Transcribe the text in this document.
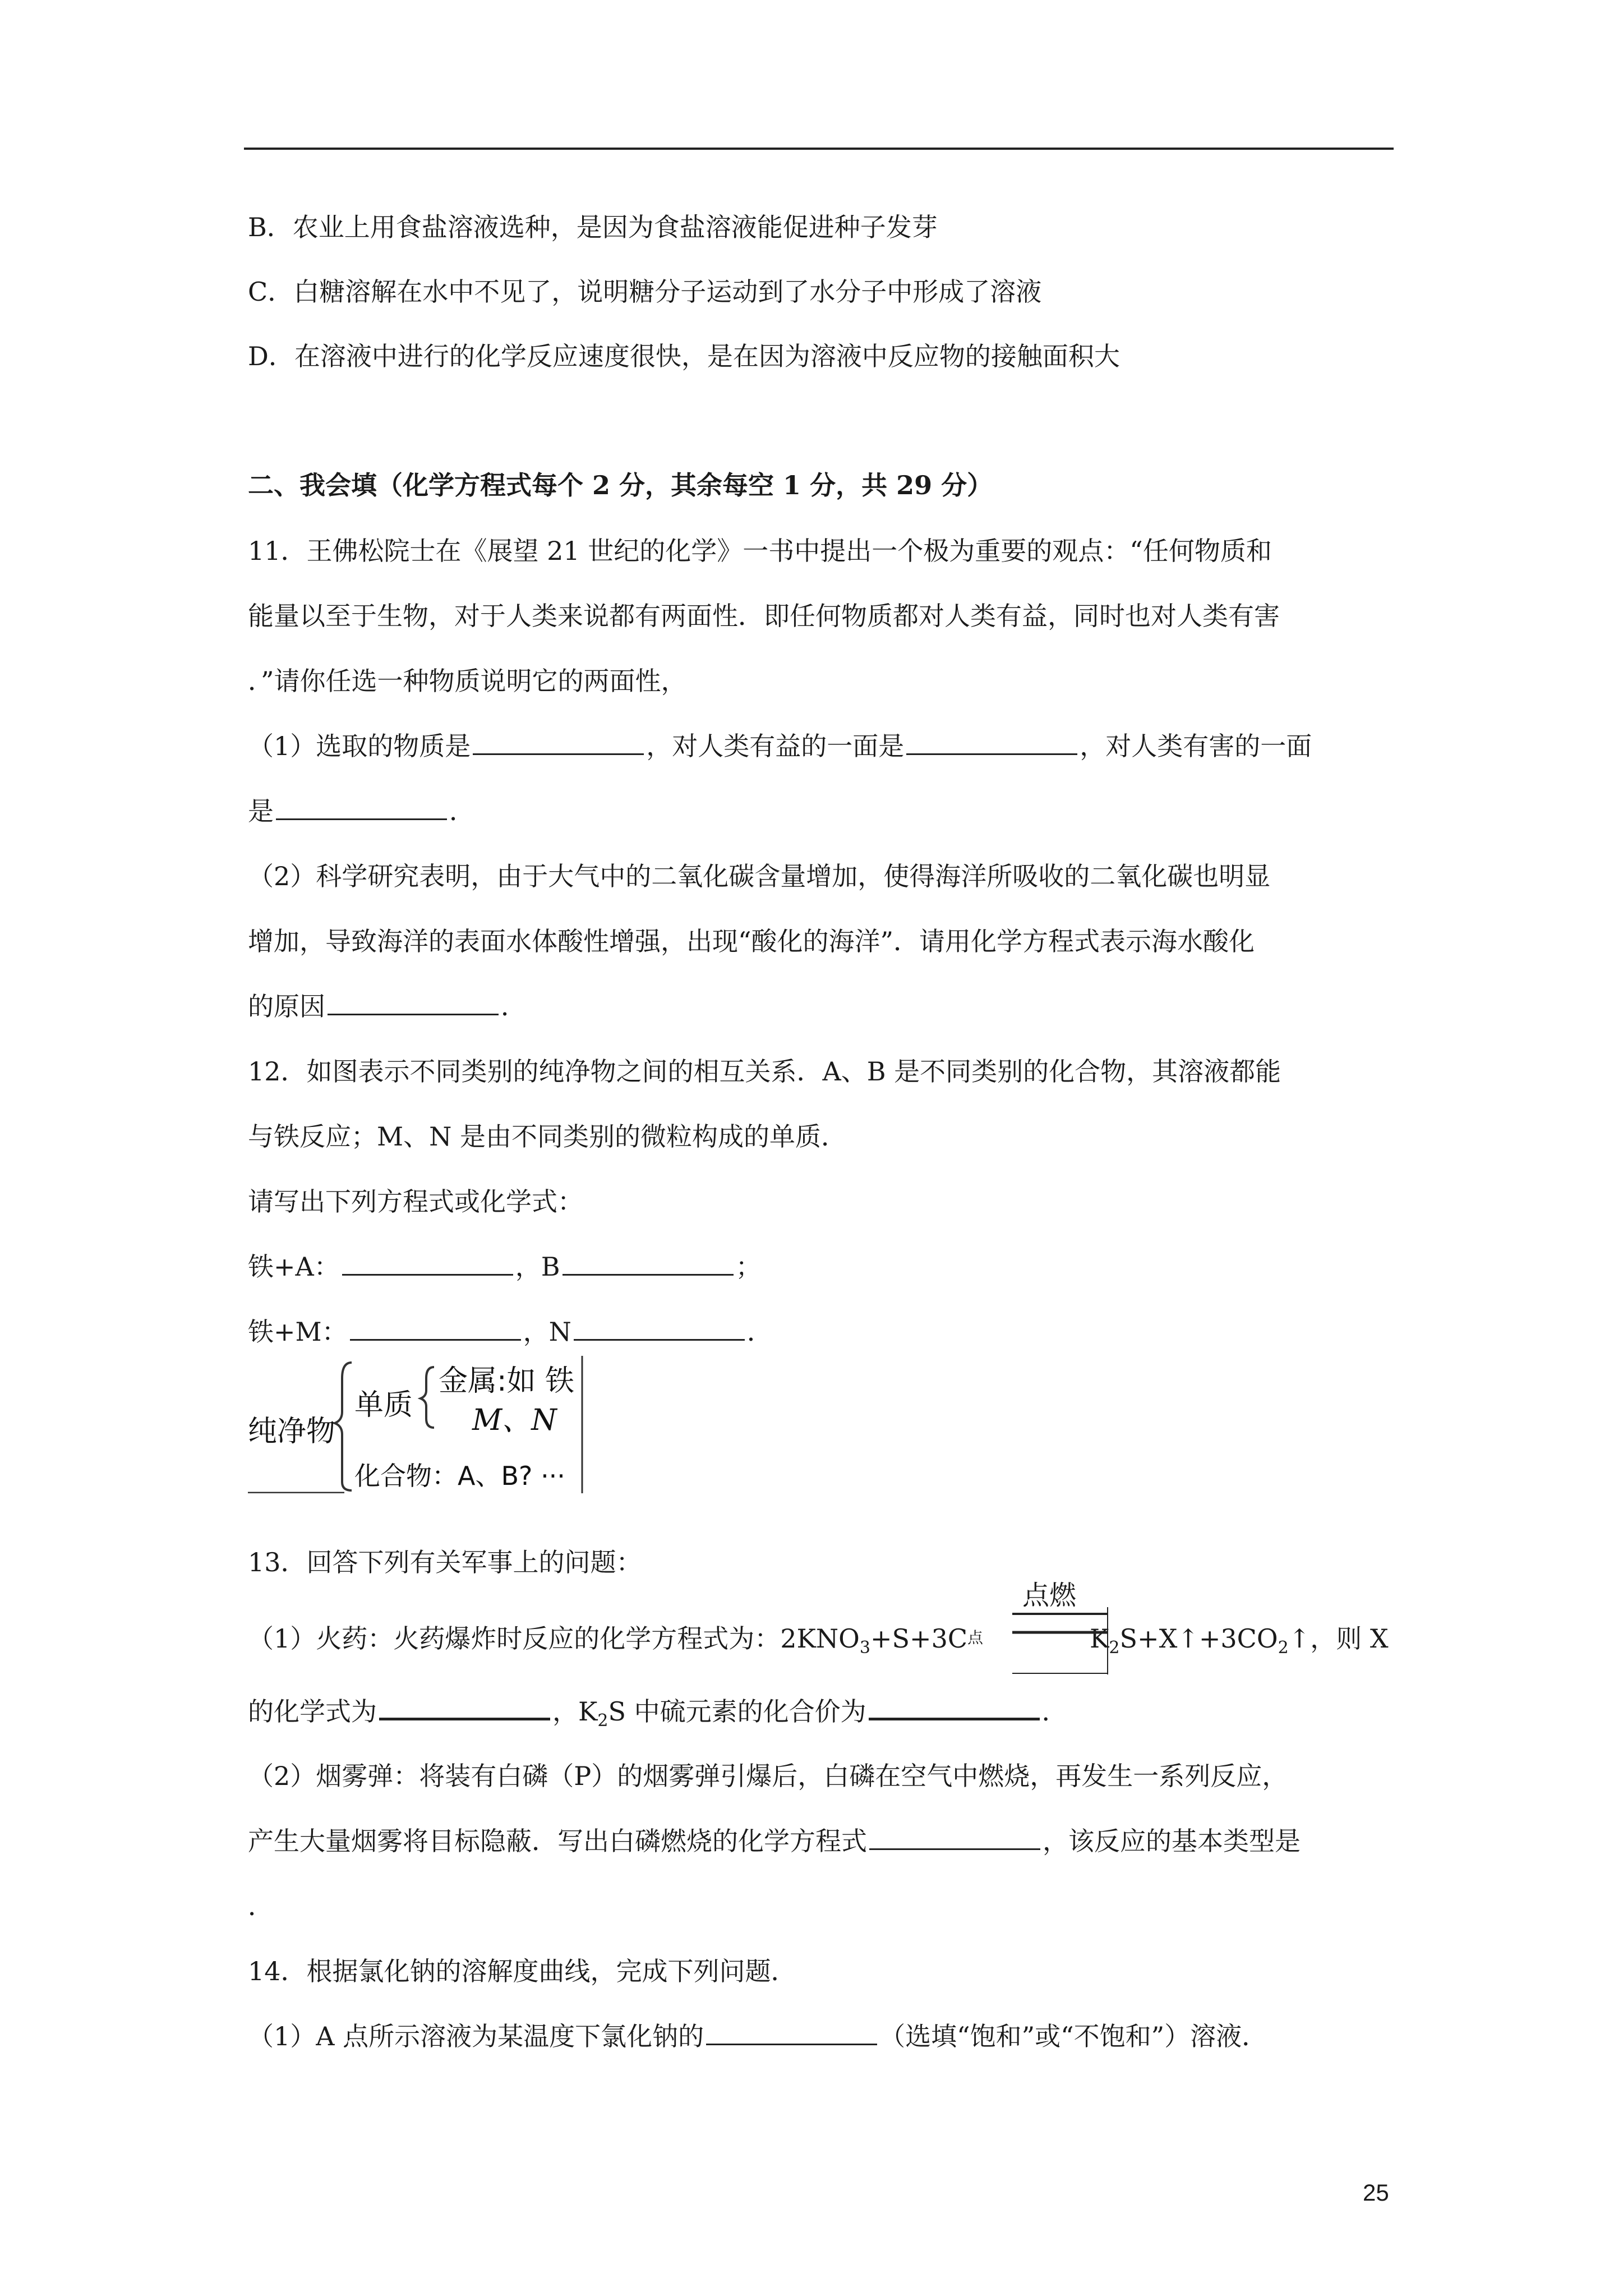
B．农业上用食盐溶液选种，是因为食盐溶液能促进种子发芽
C．白糖溶解在水中不见了，说明糖分子运动到了水分子中形成了溶液
D．在溶液中进行的化学反应速度很快，是在因为溶液中反应物的接触面积大
二、我会填（化学方程式每个 2 分，其余每空 1 分，共 29 分）
11．王佛松院士在《展望 21 世纪的化学》一书中提出一个极为重要的观点：“任何物质和
能量以至于生物，对于人类来说都有两面性．即任何物质都对人类有益，同时也对人类有害
．”请你任选一种物质说明它的两面性，
（1）选取的物质是	，对人类有益的一面是	，对人类有害的一面
是	．
（2）科学研究表明，由于大气中的二氧化碳含量增加，使得海洋所吸收的二氧化碳也明显
增加，导致海洋的表面水体酸性增强，出现“酸化的海洋”．请用化学方程式表示海水酸化
的原因	．
12．如图表示不同类别的纯净物之间的相互关系．A、B 是不同类别的化合物，其溶液都能
与铁反应；M、N 是由不同类别的微粒构成的单质．
请写出下列方程式或化学式：
铁+A：	，B	；
铁+M：	，N	．
纯净物
单质
金属:如 铁
M、N
化合物：A、B? ···
13．回答下列有关军事上的问题：
（1）火药：火药爆炸时反应的化学方程式为：$2KNO_3+S+3C$点	$K_2S+X↑+3CO_2↑$，则 X
点燃
的化学式为	，$K_2S$ 中硫元素的化合价为	．
（2）烟雾弹：将装有白磷（P）的烟雾弹引爆后，白磷在空气中燃烧，再发生一系列反应，
产生大量烟雾将目标隐蔽．写出白磷燃烧的化学方程式	，该反应的基本类型是
．
14．根据氯化钠的溶解度曲线，完成下列问题．
（1）A 点所示溶液为某温度下氯化钠的	（选填“饱和”或“不饱和”）溶液．
25
